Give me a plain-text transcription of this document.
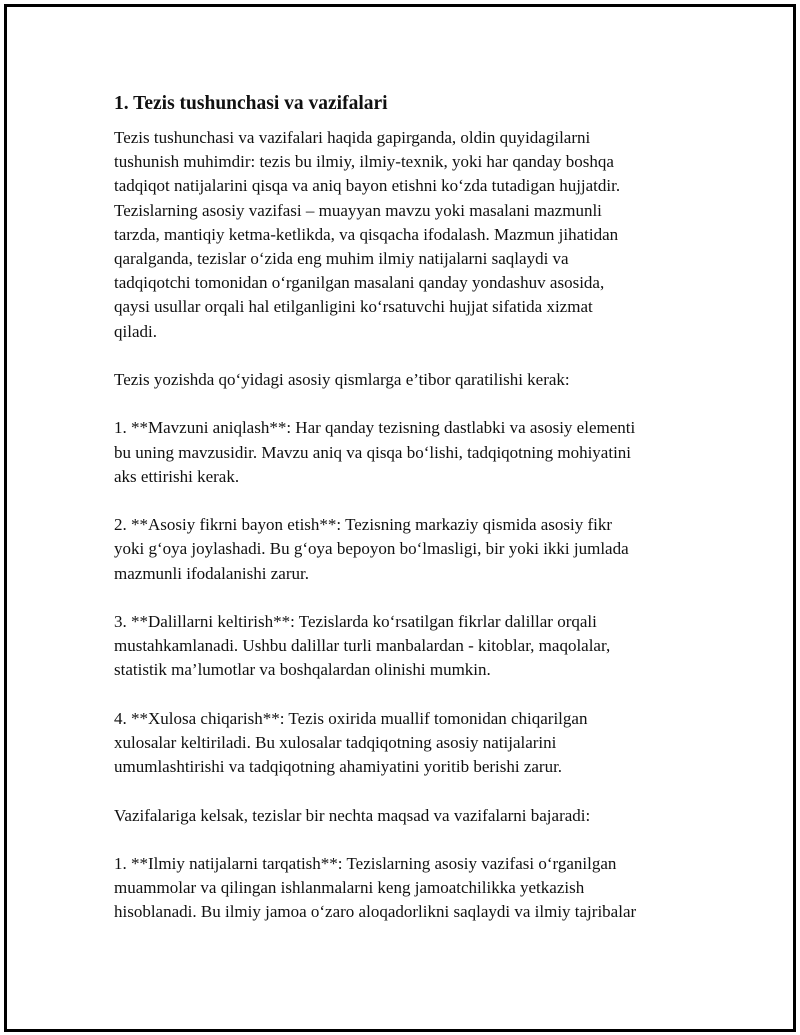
1. Tezis tushunchasi va vazifalari

Tezis tushunchasi va vazifalari haqida gapirganda, oldin quyidagilarni
tushunish muhimdir: tezis bu ilmiy, ilmiy-texnik, yoki har qanday boshqa
tadqiqot natijalarini qisqa va aniq bayon etishni ko‘zda tutadigan hujjatdir.
Tezislarning asosiy vazifasi – muayyan mavzu yoki masalani mazmunli
tarzda, mantiqiy ketma-ketlikda, va qisqacha ifodalash. Mazmun jihatidan
qaralganda, tezislar o‘zida eng muhim ilmiy natijalarni saqlaydi va
tadqiqotchi tomonidan o‘rganilgan masalani qanday yondashuv asosida,
qaysi usullar orqali hal etilganligini ko‘rsatuvchi hujjat sifatida xizmat
qiladi.

Tezis yozishda qo‘yidagi asosiy qismlarga e’tibor qaratilishi kerak:

1. **Mavzuni aniqlash**: Har qanday tezisning dastlabki va asosiy elementi
bu uning mavzusidir. Mavzu aniq va qisqa bo‘lishi, tadqiqotning mohiyatini
aks ettirishi kerak.

2. **Asosiy fikrni bayon etish**: Tezisning markaziy qismida asosiy fikr
yoki g‘oya joylashadi. Bu g‘oya bepoyon bo‘lmasligi, bir yoki ikki jumlada
mazmunli ifodalanishi zarur.

3. **Dalillarni keltirish**: Tezislarda ko‘rsatilgan fikrlar dalillar orqali
mustahkamlanadi. Ushbu dalillar turli manbalardan - kitoblar, maqolalar,
statistik ma’lumotlar va boshqalardan olinishi mumkin.

4. **Xulosa chiqarish**: Tezis oxirida muallif tomonidan chiqarilgan
xulosalar keltiriladi. Bu xulosalar tadqiqotning asosiy natijalarini
umumlashtirishi va tadqiqotning ahamiyatini yoritib berishi zarur.

Vazifalariga kelsak, tezislar bir nechta maqsad va vazifalarni bajaradi:

1. **Ilmiy natijalarni tarqatish**: Tezislarning asosiy vazifasi o‘rganilgan
muammolar va qilingan ishlanmalarni keng jamoatchilikka yetkazish
hisoblanadi. Bu ilmiy jamoa o‘zaro aloqadorlikni saqlaydi va ilmiy tajribalar
